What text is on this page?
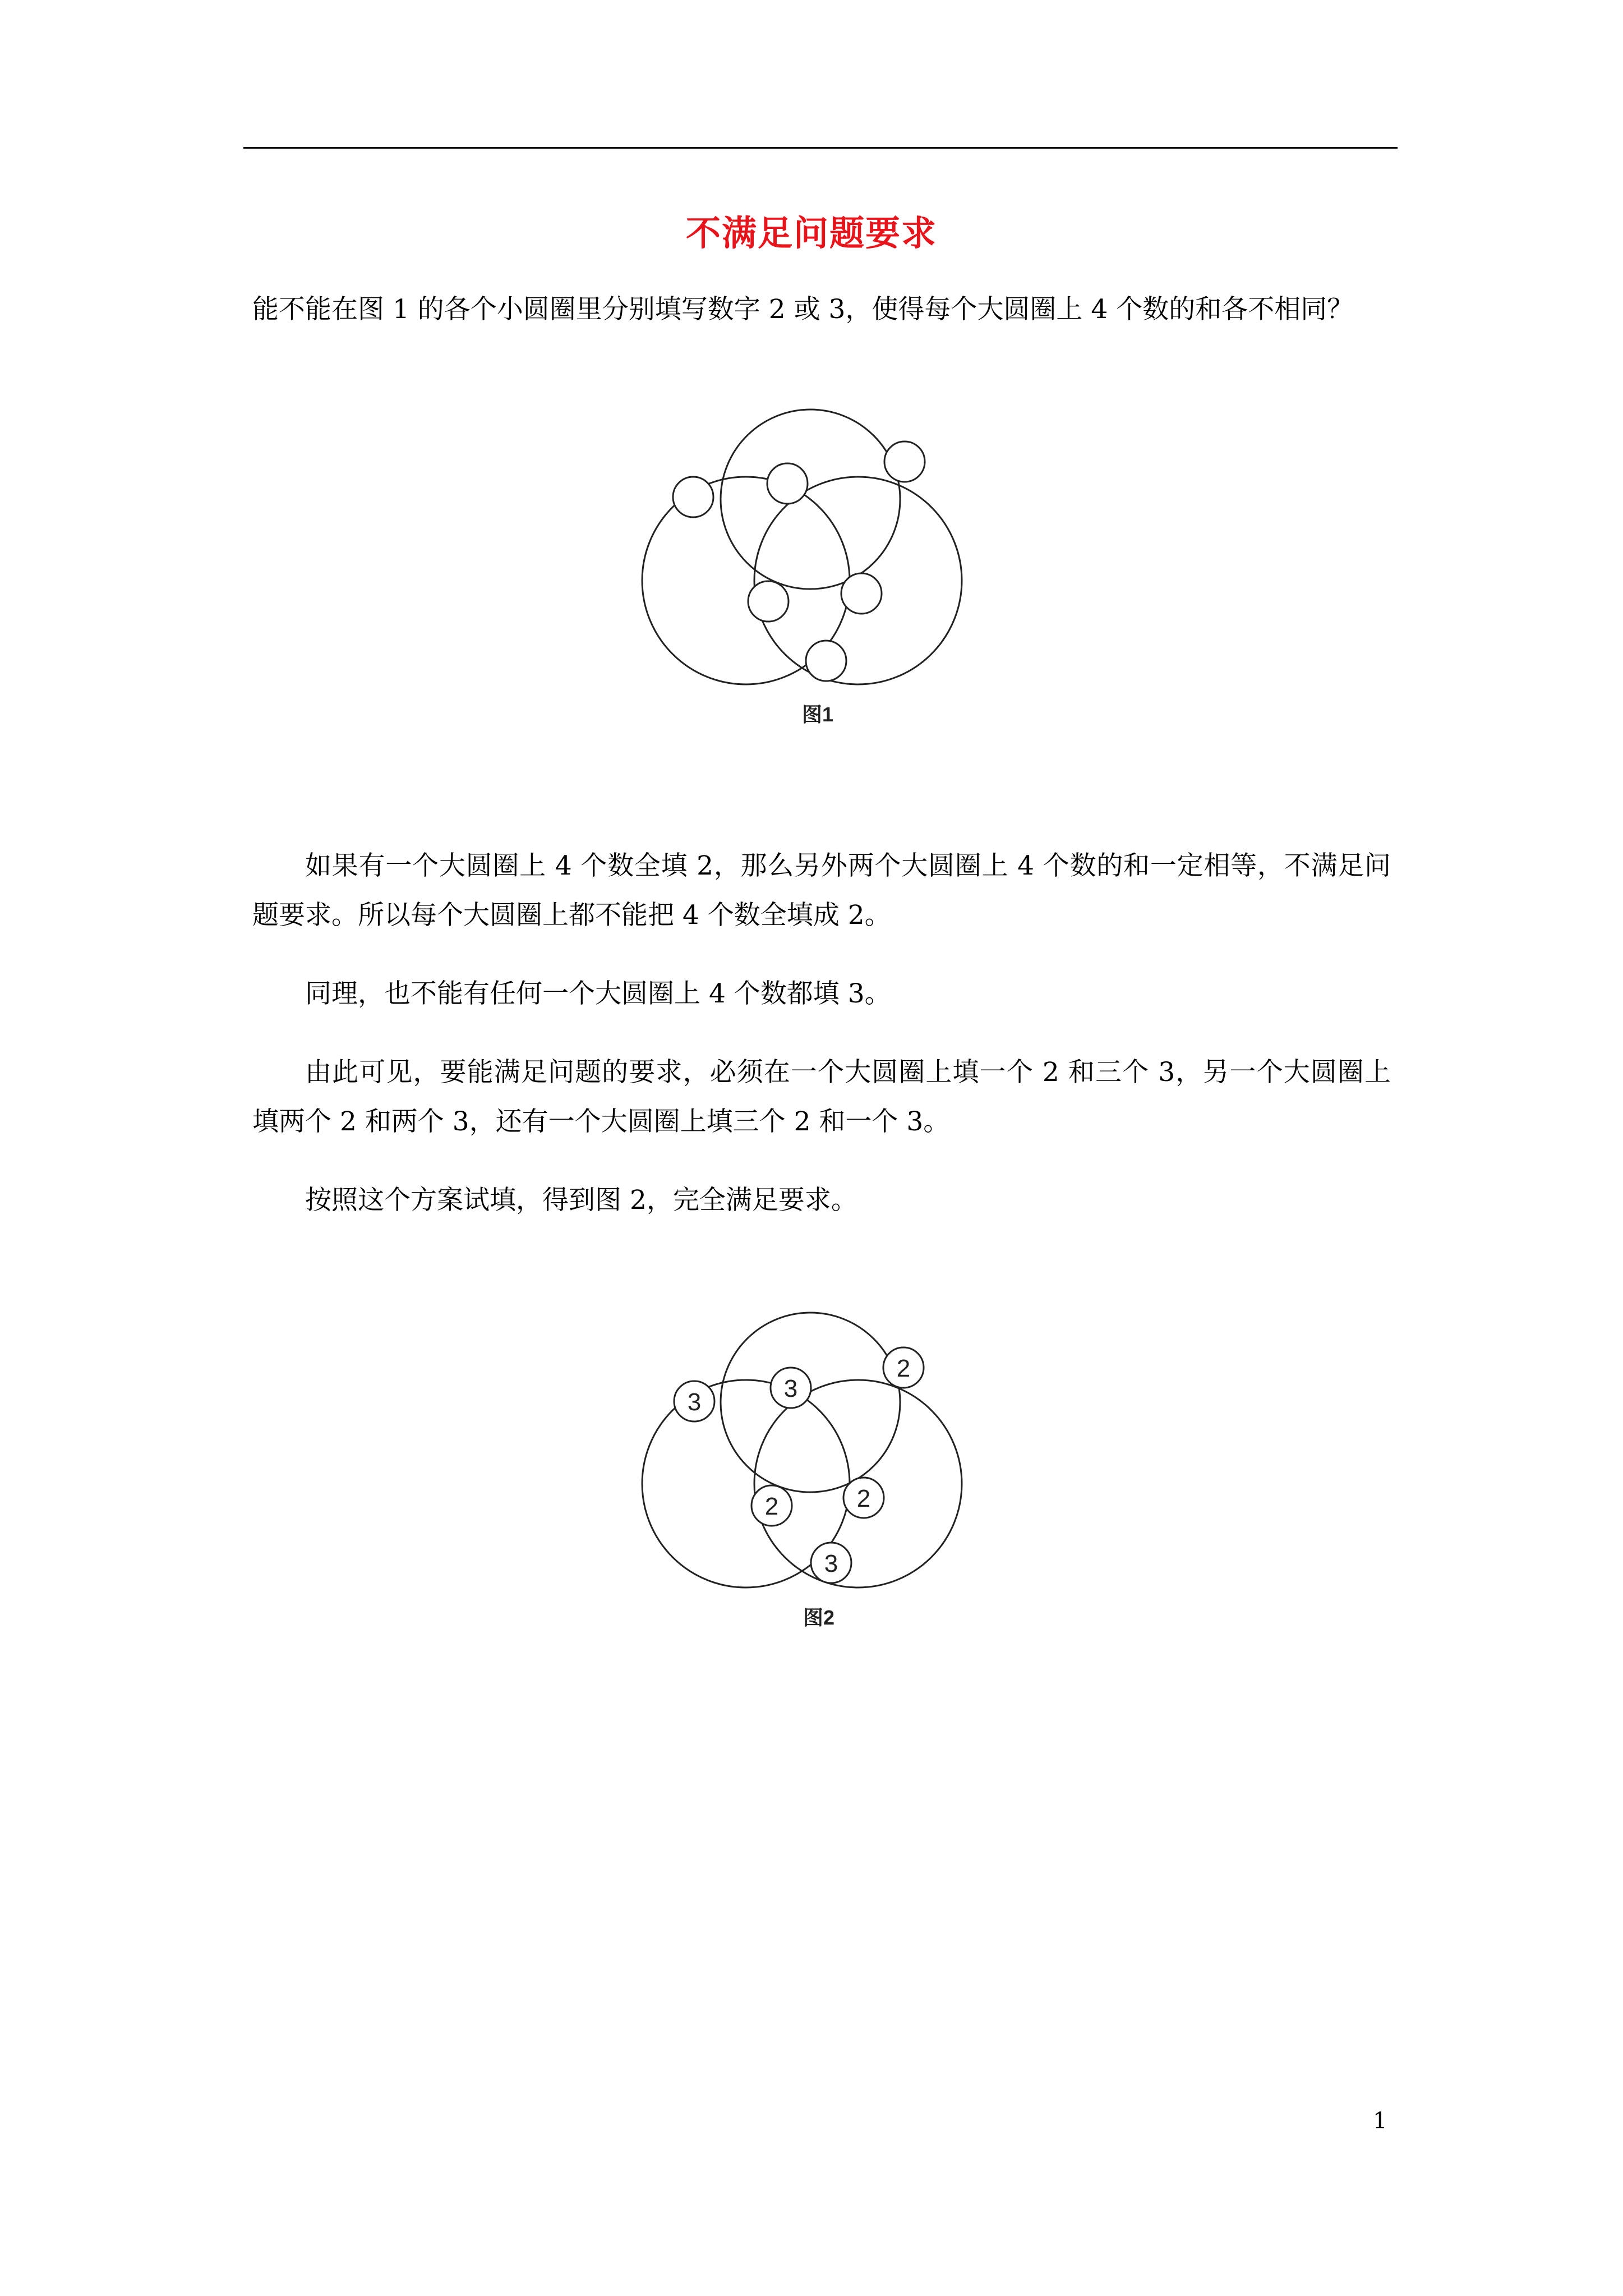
不满足问题要求

能不能在图 1 的各个小圆圈里分别填写数字 2 或 3，使得每个大圆圈上 4 个数的和各不相同？

图1

如果有一个大圆圈上 4 个数全填 2，那么另外两个大圆圈上 4 个数的和一定相等，不满足问题要求。所以每个大圆圈上都不能把 4 个数全填成 2。

同理，也不能有任何一个大圆圈上 4 个数都填 3。

由此可见，要能满足问题的要求，必须在一个大圆圈上填一个 2 和三个 3，另一个大圆圈上填两个 2 和两个 3，还有一个大圆圈上填三个 2 和一个 3。

按照这个方案试填，得到图 2，完全满足要求。

3	3
2
2	2
3
图2
1
